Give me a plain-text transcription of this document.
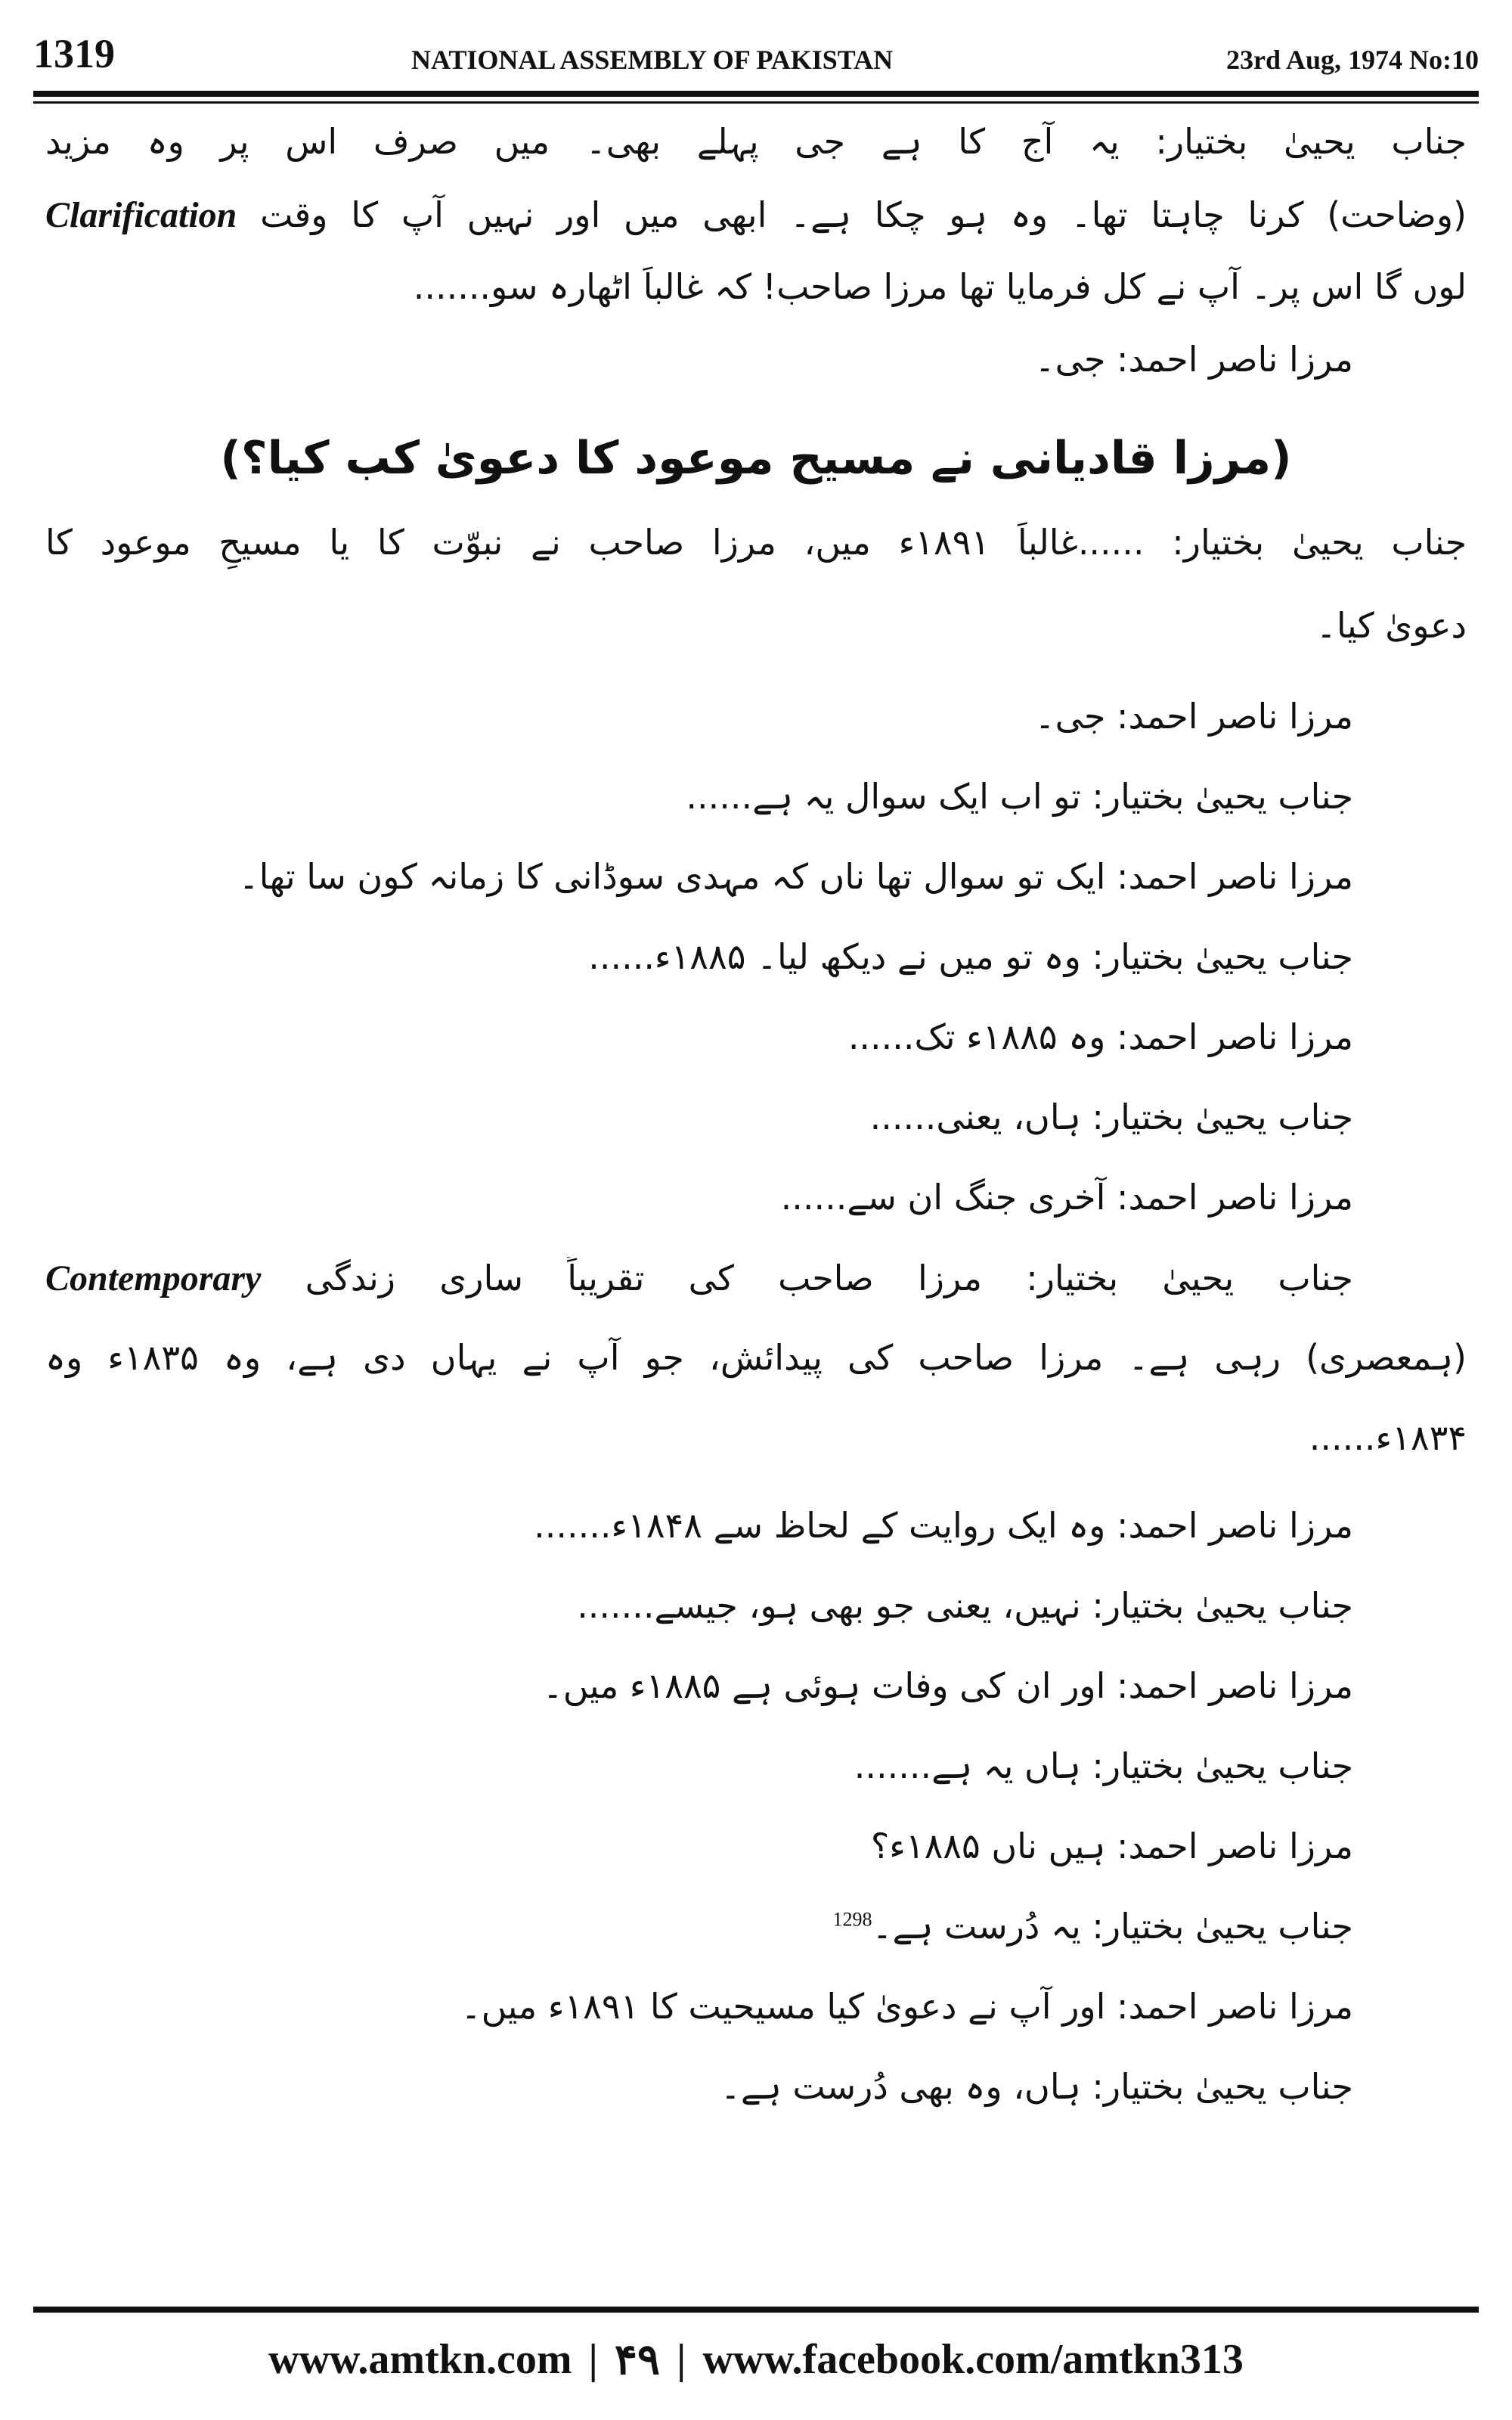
1319	NATIONAL ASSEMBLY OF PAKISTAN	23rd Aug, 1974 No:10
جناب یحییٰ بختیار: یہ آج کا ہے جی پہلے بھی۔ میں صرف اس پر وہ مزید
(وضاحت) کرنا چاہتا تھا۔ وہ ہو چکا ہے۔ ابھی میں اور نہیں آپ کا وقت Clarification
لوں گا اس پر۔ آپ نے کل فرمایا تھا مرزا صاحب! کہ غالباً اٹھارہ سو.......
مرزا ناصر احمد: جی۔
(مرزا قادیانی نے مسیح موعود کا دعویٰ کب کیا؟)
جناب یحییٰ بختیار: ......غالباً ۱۸۹۱ء میں، مرزا صاحب نے نبوّت کا یا مسیحِ موعود کا
دعویٰ کیا۔
مرزا ناصر احمد: جی۔
جناب یحییٰ بختیار: تو اب ایک سوال یہ ہے......
مرزا ناصر احمد: ایک تو سوال تھا ناں کہ مہدی سوڈانی کا زمانہ کون سا تھا۔
جناب یحییٰ بختیار: وہ تو میں نے دیکھ لیا۔ ۱۸۸۵ء......
مرزا ناصر احمد: وہ ۱۸۸۵ء تک......
جناب یحییٰ بختیار: ہاں، یعنی......
مرزا ناصر احمد: آخری جنگ ان سے......
جناب یحییٰ بختیار: مرزا صاحب کی تقریباً ساری زندگی Contemporary
(ہمعصری) رہی ہے۔ مرزا صاحب کی پیدائش، جو آپ نے یہاں دی ہے، وہ ۱۸۳۵ء وہ
۱۸۳۴ء......
مرزا ناصر احمد: وہ ایک روایت کے لحاظ سے ۱۸۴۸ء.......
جناب یحییٰ بختیار: نہیں، یعنی جو بھی ہو، جیسے.......
مرزا ناصر احمد: اور ان کی وفات ہوئی ہے ۱۸۸۵ء میں۔
جناب یحییٰ بختیار: ہاں یہ ہے.......
مرزا ناصر احمد: ہیں ناں ۱۸۸۵ء؟
جناب یحییٰ بختیار: یہ دُرست ہے۔$^{1298}$
مرزا ناصر احمد: اور آپ نے دعویٰ کیا مسیحیت کا ۱۸۹۱ء میں۔
جناب یحییٰ بختیار: ہاں، وہ بھی دُرست ہے۔
www.amtkn.com | ۴۹ | www.facebook.com/amtkn313
